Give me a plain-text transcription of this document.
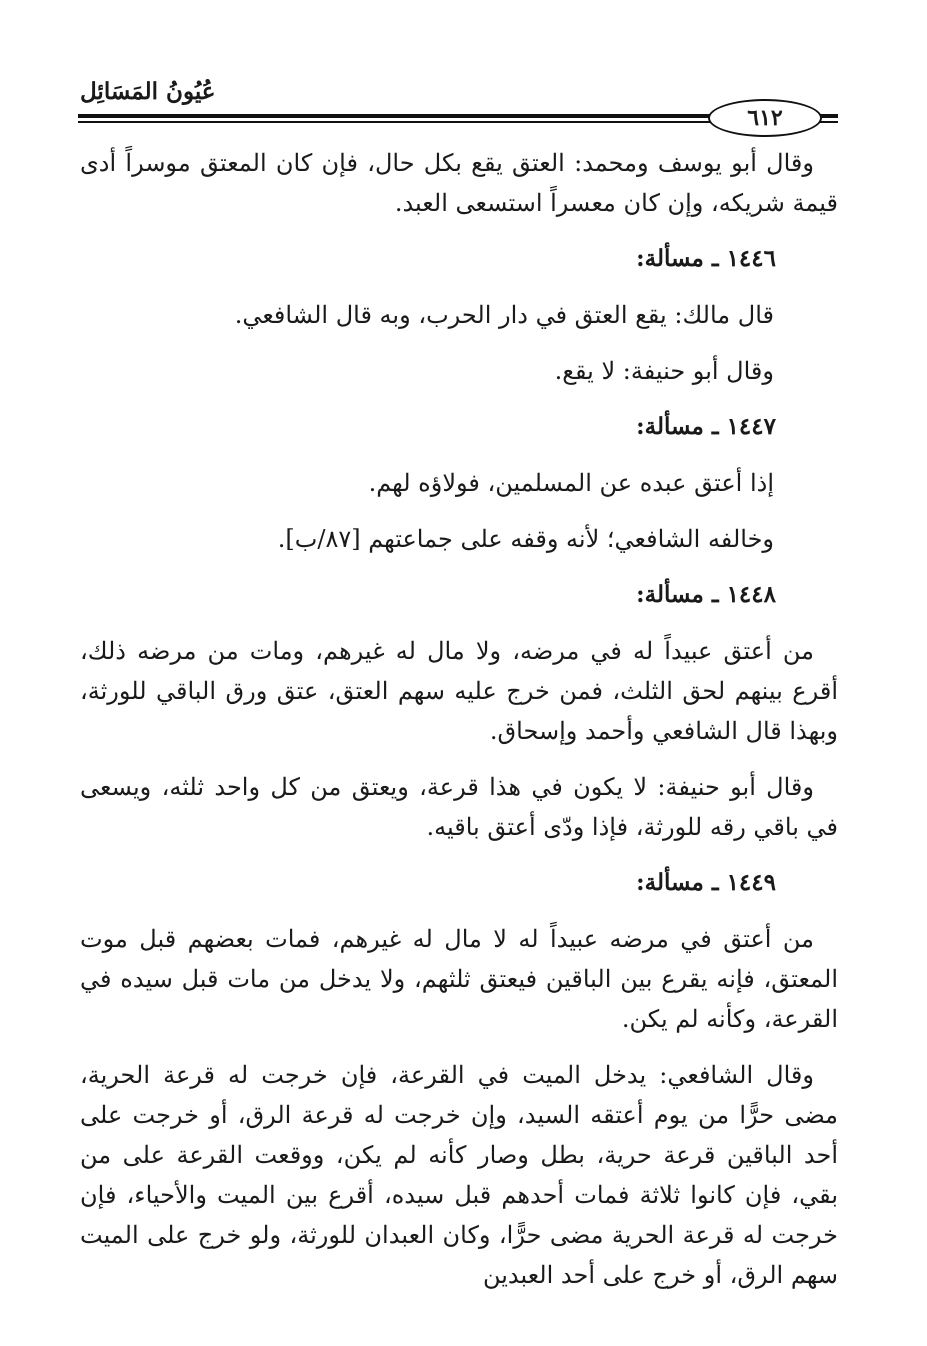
عُيُونُ المَسَائِل
٦١٢

وقال أبو يوسف ومحمد: العتق يقع بكل حال، فإن كان المعتق موسراً أدى قيمة شريكه، وإن كان معسراً استسعى العبد.

١٤٤٦ ـ مسألة:

قال مالك: يقع العتق في دار الحرب، وبه قال الشافعي.

وقال أبو حنيفة: لا يقع.

١٤٤٧ ـ مسألة:

إذا أعتق عبده عن المسلمين، فولاؤه لهم.

وخالفه الشافعي؛ لأنه وقفه على جماعتهم [٨٧/ب].

١٤٤٨ ـ مسألة:

من أعتق عبيداً له في مرضه، ولا مال له غيرهم، ومات من مرضه ذلك، أقرع بينهم لحق الثلث، فمن خرج عليه سهم العتق، عتق ورق الباقي للورثة، وبهذا قال الشافعي وأحمد وإسحاق.

وقال أبو حنيفة: لا يكون في هذا قرعة، ويعتق من كل واحد ثلثه، ويسعى في باقي رقه للورثة، فإذا ودّى أعتق باقيه.

١٤٤٩ ـ مسألة:

من أعتق في مرضه عبيداً له لا مال له غيرهم، فمات بعضهم قبل موت المعتق، فإنه يقرع بين الباقين فيعتق ثلثهم، ولا يدخل من مات قبل سيده في القرعة، وكأنه لم يكن.

وقال الشافعي: يدخل الميت في القرعة، فإن خرجت له قرعة الحرية، مضى حرًّا من يوم أعتقه السيد، وإن خرجت له قرعة الرق، أو خرجت على أحد الباقين قرعة حرية، بطل وصار كأنه لم يكن، ووقعت القرعة على من بقي، فإن كانوا ثلاثة فمات أحدهم قبل سيده، أقرع بين الميت والأحياء، فإن خرجت له قرعة الحرية مضى حرًّا، وكان العبدان للورثة، ولو خرج على الميت سهم الرق، أو خرج على أحد العبدين
